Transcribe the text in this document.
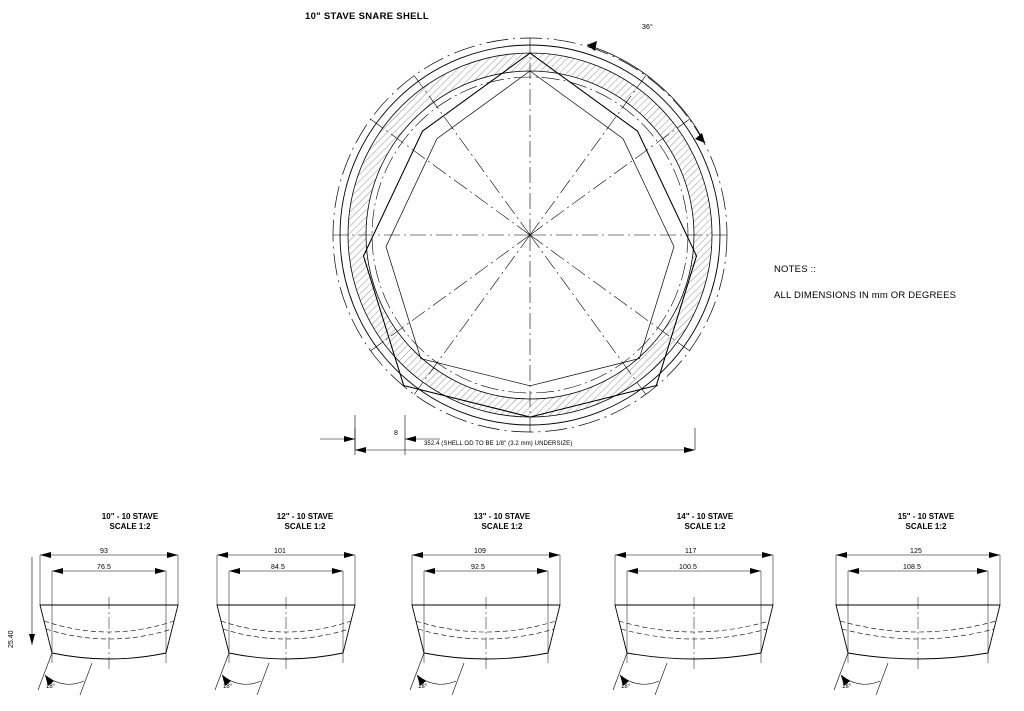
10" STAVE SNARE SHELL
36°
8
352.4 (SHELL OD TO BE 1/8" (3.2 mm) UNDERSIZE)
NOTES ::
ALL DIMENSIONS IN mm OR DEGREES
10" - 10 STAVE
SCALE 1:2
25.40
93
76.5
18°
12" - 10 STAVE
SCALE 1:2
101
84.5
18°
13" - 10 STAVE
SCALE 1:2
109
92.5
18°
14" - 10 STAVE
SCALE 1:2
117
100.5
18°
15" - 10 STAVE
SCALE 1:2
125
108.5
18°
